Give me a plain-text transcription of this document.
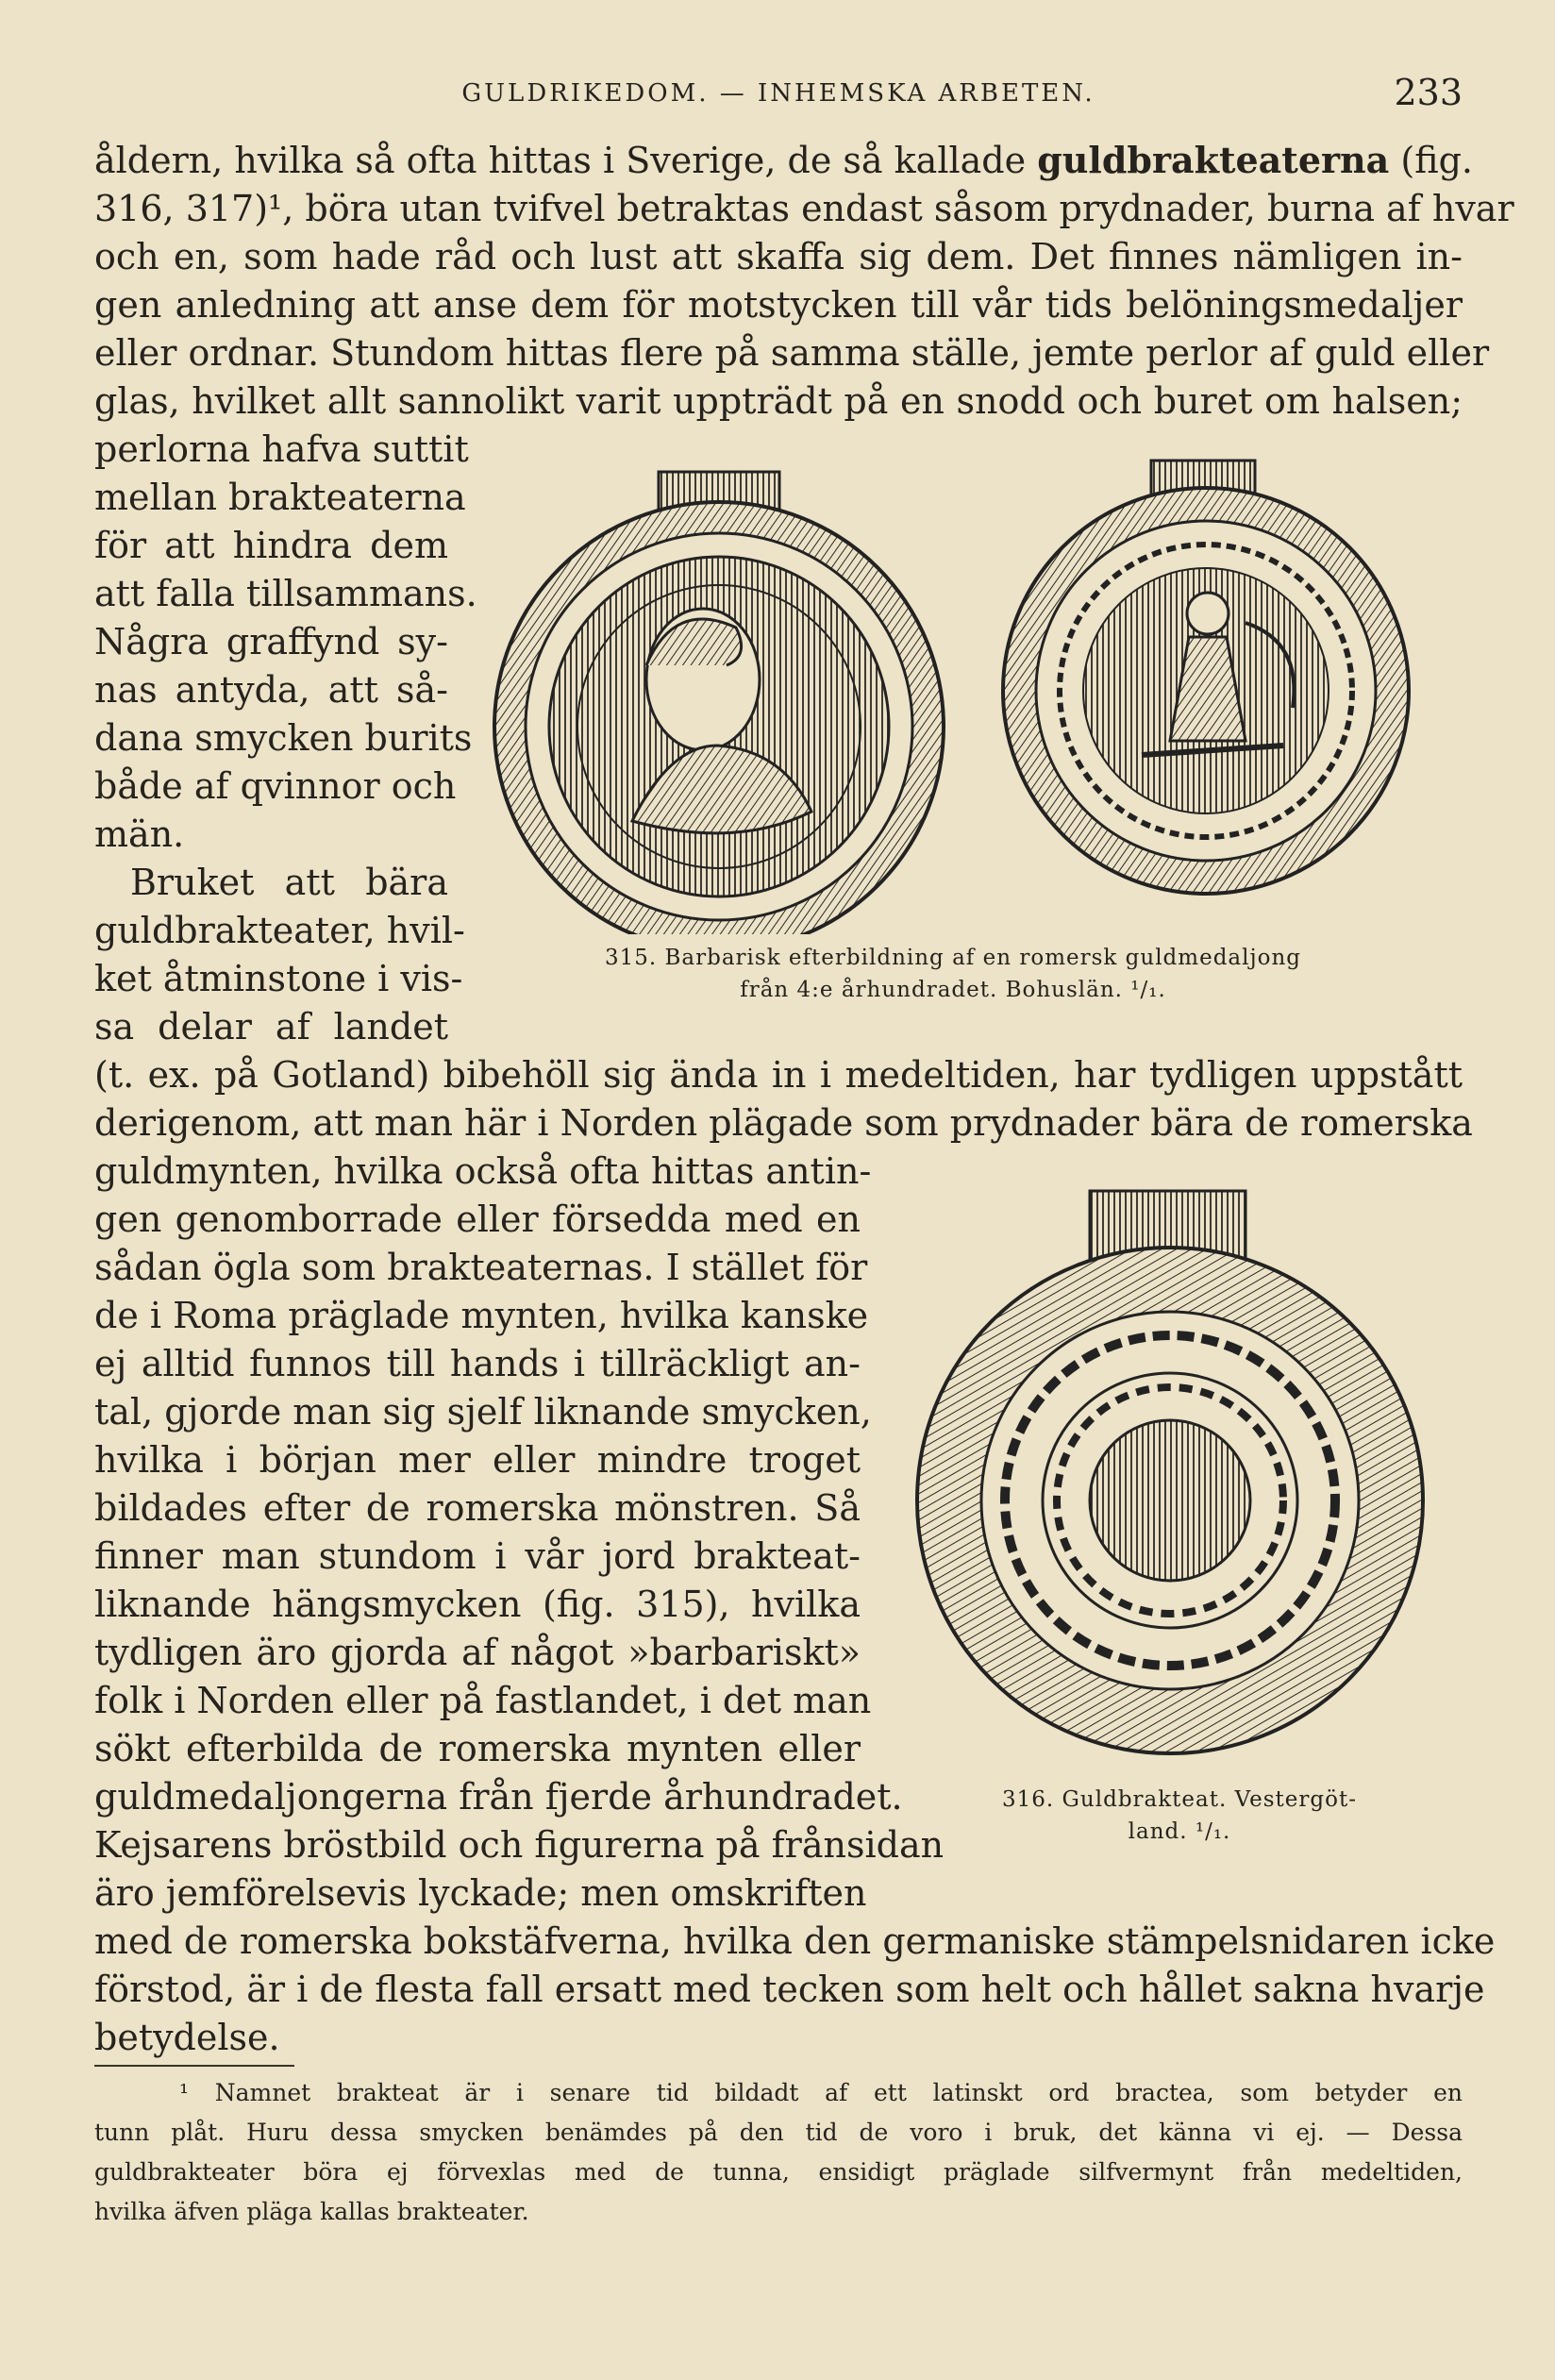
GULDRIKEDOM. — INHEMSKA ARBETEN.	233
åldern, hvilka så ofta hittas i Sverige, de så kallade guldbrakteaterna (fig.
316, 317)¹, böra utan tvifvel betraktas endast såsom prydnader, burna af hvar
och en, som hade råd och lust att skaffa sig dem. Det finnes nämligen in-
gen anledning att anse dem för motstycken till vår tids belöningsmedaljer
eller ordnar. Stundom hittas flere på samma ställe, jemte perlor af guld eller
glas, hvilket allt sannolikt varit uppträdt på en snodd och buret om halsen;
perlorna hafva suttit
mellan brakteaterna
för att hindra dem
att falla tillsammans.
Några graffynd sy-
nas antyda, att så-
dana smycken burits
både af qvinnor och
män.
Bruket att bära
guldbrakteater, hvil-
ket åtminstone i vis-
sa delar af landet
315. Barbarisk efterbildning af en romersk guldmedaljong
från 4:e århundradet. Bohuslän. ¹/₁.
(t. ex. på Gotland) bibehöll sig ända in i medeltiden, har tydligen uppstått
derigenom, att man här i Norden plägade som prydnader bära de romerska
guldmynten, hvilka också ofta hittas antin-
gen genomborrade eller försedda med en
sådan ögla som brakteaternas. I stället för
de i Roma präglade mynten, hvilka kanske
ej alltid funnos till hands i tillräckligt an-
tal, gjorde man sig sjelf liknande smycken,
hvilka i början mer eller mindre troget
bildades efter de romerska mönstren. Så
finner man stundom i vår jord brakteat-
liknande hängsmycken (fig. 315), hvilka
tydligen äro gjorda af något »barbariskt»
folk i Norden eller på fastlandet, i det man
sökt efterbilda de romerska mynten eller
guldmedaljongerna från fjerde århundradet.
Kejsarens bröstbild och figurerna på frånsidan
äro jemförelsevis lyckade; men omskriften
316. Guldbrakteat. Vestergöt-
land. ¹/₁.
med de romerska bokstäfverna, hvilka den germaniske stämpelsnidaren icke
förstod, är i de flesta fall ersatt med tecken som helt och hållet sakna hvarje
betydelse.
¹ Namnet brakteat är i senare tid bildadt af ett latinskt ord bractea, som betyder en
tunn plåt. Huru dessa smycken benämdes på den tid de voro i bruk, det känna vi ej. — Dessa
guldbrakteater böra ej förvexlas med de tunna, ensidigt präglade silfvermynt från medeltiden,
hvilka äfven pläga kallas brakteater.
